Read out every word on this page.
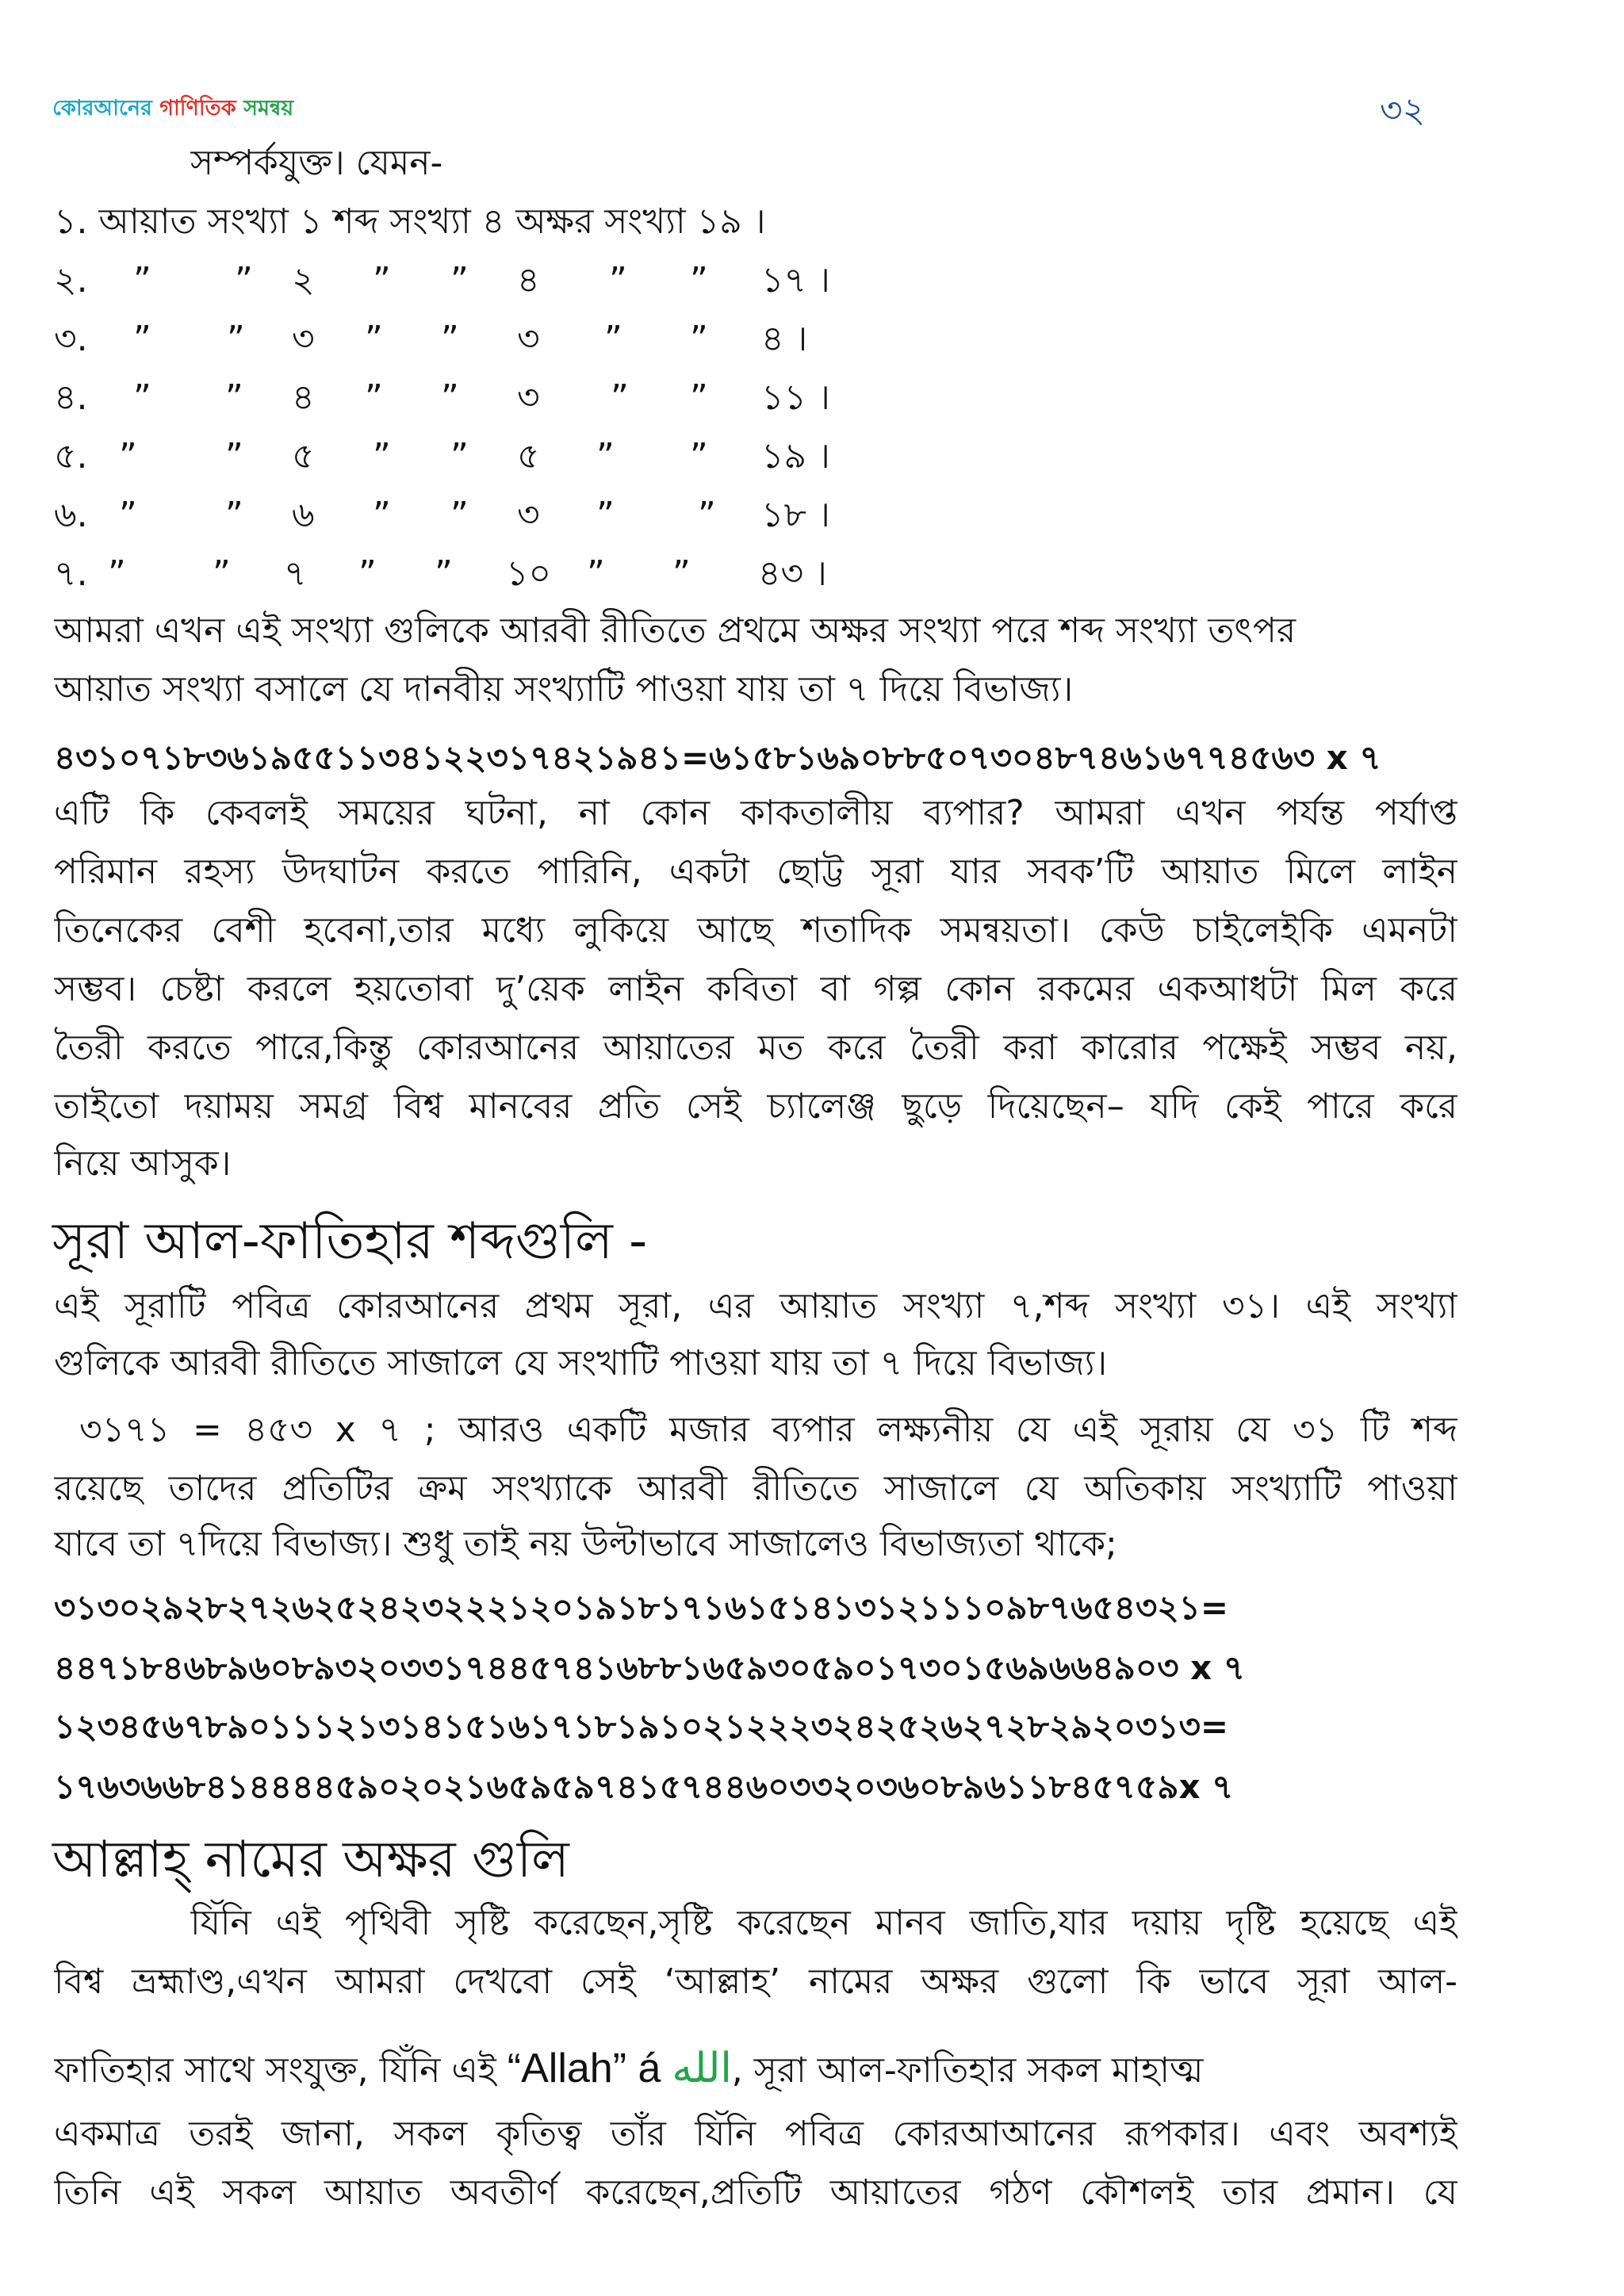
কোরআনের গাণিতিক সমন্বয়	৩২
সম্পর্কযুক্ত। যেমন-
১. আয়াত সংখ্যা ১ শব্দ সংখ্যা ৪ অক্ষর সংখ্যা ১৯ ।
২. ” ” ২ ” ” ৪ ” ” ১৭ ।
৩. ” ” ৩ ” ” ৩ ” ” ৪ ।
৪. ” ” ৪ ” ” ৩ ” ” ১১ ।
৫. ”	” ৫ ” ” ৫ ” ” ১৯ ।
৬. ”	” ৬ ” ” ৩ ” ” ১৮ ।
৭. ” ” ৭ ” ” ১০ ” ” ৪৩ ।
আমরা এখন এই সংখ্যা গুলিকে আরবী রীতিতে প্রথমে অক্ষর সংখ্যা পরে শব্দ সংখ্যা তৎপর
আয়াত সংখ্যা বসালে যে দানবীয় সংখ্যাটি পাওয়া যায় তা ৭ দিয়ে বিভাজ্য।
৪৩১০৭১৮৩৬১৯৫৫১১৩৪১২২৩১৭৪২১৯৪১=৬১৫৮১৬৯০৮৮৫০৭৩০৪৮৭৪৬১৬৭৭৪৫৬৩ x ৭
এটি কি কেবলই সময়ের ঘটনা, না কোন কাকতালীয় ব্যপার? আমরা এখন পর্যন্ত পর্যাপ্ত
পরিমান রহস্য উদঘাটন করতে পারিনি, একটা ছোট্ট সূরা যার সবক’টি আয়াত মিলে লাইন
তিনেকের বেশী হবেনা,তার মধ্যে লুকিয়ে আছে শতাদিক সমন্বয়তা। কেউ চাইলেইকি এমনটা
সম্ভব। চেষ্টা করলে হয়তোবা দু’য়েক লাইন কবিতা বা গল্প কোন রকমের একআধটা মিল করে
তৈরী করতে পারে,কিন্তু কোরআনের আয়াতের মত করে তৈরী করা কারোর পক্ষেই সম্ভব নয়,
তাইতো দয়াময় সমগ্র বিশ্ব মানবের প্রতি সেই চ্যালেঞ্জ ছুড়ে দিয়েছেন– যদি কেই পারে করে
নিয়ে আসুক।
সূরা আল-ফাতিহার শব্দগুলি -
এই সূরাটি পবিত্র কোরআনের প্রথম সূরা, এর আয়াত সংখ্যা ৭,শব্দ সংখ্যা ৩১। এই সংখ্যা
গুলিকে আরবী রীতিতে সাজালে যে সংখাটি পাওয়া যায় তা ৭ দিয়ে বিভাজ্য।
৩১৭১ = ৪৫৩ x ৭ ; আরও একটি মজার ব্যপার লক্ষ্যনীয় যে এই সূরায় যে ৩১ টি শব্দ
রয়েছে তাদের প্রতিটির ক্রম সংখ্যাকে আরবী রীতিতে সাজালে যে অতিকায় সংখ্যাটি পাওয়া
যাবে তা ৭দিয়ে বিভাজ্য। শুধু তাই নয় উল্টাভাবে সাজালেও বিভাজ্যতা থাকে;
৩১৩০২৯২৮২৭২৬২৫২৪২৩২২২১২০১৯১৮১৭১৬১৫১৪১৩১২১১১০৯৮৭৬৫৪৩২১=
৪৪৭১৮৪৬৮৯৬০৮৯৩২০৩৩১৭৪৪৫৭৪১৬৮৮১৬৫৯৩০৫৯০১৭৩০১৫৬৯৬৬৪৯০৩ x ৭
১২৩৪৫৬৭৮৯০১১১২১৩১৪১৫১৬১৭১৮১৯১০২১২২২৩২৪২৫২৬২৭২৮২৯২০৩১৩=
১৭৬৩৬৬৮৪১৪৪৪৪৫৯০২০২১৬৫৯৫৯৭৪১৫৭৪৪৬০৩৩২০৩৬০৮৯৬১১৮৪৫৭৫৯x ৭
আল্লাহ্ নামের অক্ষর গুলি
যিঁনি এই পৃথিবী সৃষ্টি করেছেন,সৃষ্টি করেছেন মানব জাতি,যার দয়ায় দৃষ্টি হয়েছে এই
বিশ্ব ভ্রহ্মাণ্ড,এখন আমরা দেখবো সেই ‘আল্লাহ’ নামের অক্ষর গুলো কি ভাবে সূরা আল-
ফাতিহার সাথে সংযুক্ত, যিঁনি এই “Allah” á الله, সূরা আল-ফাতিহার সকল মাহাত্ম
একমাত্র তরই জানা, সকল কৃতিত্ব তাঁর যিঁনি পবিত্র কোরআআনের রূপকার। এবং অবশ্যই
তিনি এই সকল আয়াত অবতীর্ণ করেছেন,প্রতিটি আয়াতের গঠণ কৌশলই তার প্রমান। যে
